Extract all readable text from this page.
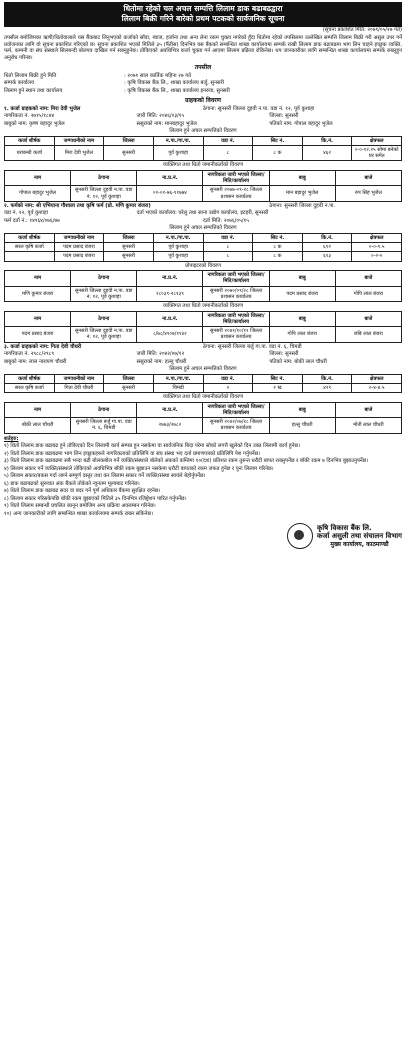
धितोमा रहेको चल अचल सम्पत्ति लिलाम डाक बढाबढद्वारा
लिलाम बिक्री गरिने बारेको प्रथम पटकको सार्वजनिक सूचना
(सूचना प्रकाशित मिति: २०७१/०५/२७ गते)
तपसील बमोजिमका ऋणी/धितोवालाले यस बैंकबाट लिनुभएको कर्जाको साँवा, ब्याज, हर्जाना तथा अन्य लेना रकम चुक्ता नगरेको हुँदा धितोमा रहेको तपसिलमा उल्लेखित सम्पत्ति लिलाम बिक्री गरी असुल उपर गर्ने प्रयोजनका लागि यो सूचना प्रकाशित गरिएको छ। सूचना प्रकाशित भएको मितिले ३५ (पैंतीस) दिनभित्र यस बैंकको सम्बन्धित शाखा कार्यालयमा सम्पर्क राखी लिलाम डाक बढाबढमा भाग लिन चाहने इच्छुक व्यक्ति, फर्म, कम्पनी वा संघ संस्थाले सिलबन्दी बोलपत्र दाखिल गर्न सक्नुहुनेछ। तोकिएको अवधिभित्र कर्जा चुक्ता गर्न आएमा लिलाम प्रक्रिया रोकिनेछ। थप जानकारीका लागि सम्बन्धित शाखा कार्यालयमा सम्पर्क राख्नुहुन अनुरोध गरिन्छ।
तपसील
धितो लिलाम बिक्री हुने मिति	: २०७१ साल कार्तिक महिना २७ गते
सम्पर्क कार्यालय	: कृषि विकास बैंक लि., शाखा कार्यालय बर्जु, सुनसरी
लिलाम हुने स्थान तथा कार्यालय	: कृषि विकास बैंक लि., शाखा कार्यालय इनरुवा, सुनसरी
ग्राहकको विवरण
१. कर्जा ग्राहकको नाम: मिरा देवी भुजेल	ठेगाना: सुनसरी जिल्ला दुहवी न.पा. वडा नं. १२, पूर्व कुशाहा
नागरिकता नं. २७१५/१८४४	जारी मिति: २०४६/०३/१५	जिल्ला: सुनसरी
बाबुको नाम: कृष्ण बहादुर भुजेल	ससुराको नाम: मानबहादुर भुजेल	पतिको नाम: गोपाल बहादुर भुजेल
लिलाम हुने अचल सम्पत्तिको विवरण
कर्जा शीर्षक	जग्गाधनीको नाम	जिल्ला	न.पा./गा.पा.	वडा नं.	सिट नं.	कि.नं.	क्षेत्रफल
धराबन्धी कर्जा	मिरा देवी भुजेल	सुनसरी	पूर्व कुशाहा	८	८ क	४६२	०-०-१२.२५ सोमा बनेको घर समेत
व्यक्तिगत तथा धितो जमानीकर्ताको विवरण
नाम	ठेगाना	ना.प्र.नं.	नागरिकता जारी भएको जिल्ला/मिति/कार्यालय	बाबु	बाजे
गोपाल बहादुर भुजेल	सुनसरी जिल्ला दुहवी न.पा. वडा नं. १२, पूर्व कुशाहा	०१-०१-७६-११७७४	सुनसरी २०७७-०९-२८ जिल्ला प्रशासन कार्यालय	मान बहादुर भुजेल	रुप सिंह भुजेल
२. फर्मको नाम: श्री एभियाना गौशाला तथा कृषि फर्म (प्रो. मणि कुमार बंजरा)	ठेगाना: सुनसरी जिल्ला दुहवी न.पा.
वडा नं. १२, पूर्व कुशाहा	दर्ता भएको कार्यालय: घरेलु तथा साना उद्योग कार्यालय, इटहरी, सुनसरी
फर्म दर्ता नं.: १४९६४/०७६/७७	दर्ता मिति: २०७६/०५/१५
लिलाम हुने अचल सम्पत्तिको विवरण
कर्जा शीर्षक	जग्गाधनीको नाम	जिल्ला	न.पा./गा.पा.	वडा नं.	सिट नं.	कि.नं.	क्षेत्रफल
सरल कृषि कर्जा	पदम प्रसाद बंजरा	सुनसरी	पूर्व कुशाहा	८	८ क	६१२	०-०-१.५
	पदम प्रसाद बंजरा	सुनसरी	पूर्व कुशाहा	८	८ क	६१३	०-२-०
प्रोपाइटरको विवरण
नाम	ठेगाना	ना.प्र.नं.	नागरिकता जारी भएको जिल्ला/मिति/कार्यालय	बाबु	बाजे
मणि कुमार बंजरा	सुनसरी जिल्ला दुहवी न.पा. वडा नं. १२, पूर्व कुशाहा	२८०३९-२८१३९	सुनसरी २०७०/०९/२८ जिल्ला प्रशासन कार्यालय	पदम प्रसाद बंजरा	गोपि लाल बंजरा
व्यक्तिगत तथा धितो जमानीकर्ताको विवरण
नाम	ठेगाना	ना.प्र.नं.	नागरिकता जारी भएको जिल्ला/मिति/कार्यालय	बाबु	बाजे
पदम प्रसाद बंजरा	सुनसरी जिल्ला दुहवी न.पा. वडा नं. १२, पूर्व कुशाहा	८/७८/४१०७/११४२	सुनसरी २०४१/१०/११ जिल्ला प्रशासन कार्यालय	गोपि लाल बंजरा	छबि लाल बंजरा
३. कर्जा ग्राहकको नाम: गिता देवी चौधरी	ठेगाना: सुनसरी जिल्ला बर्जु गा.पा. वडा नं. ६, चिमडी
नागरिकता नं. २९८८/२९८९	जारी मिति: २०४२/०७/१२	जिल्ला: सुनसरी
बाबुको नाम: लाल नारायण चौधरी	ससुराको नाम: हल्लु चौधरी	पतिको नाम: बोकी लाल चौधरी
लिलाम हुने अचल सम्पत्तिको विवरण
कर्जा शीर्षक	जग्गाधनीको नाम	जिल्ला	न.पा./गा.पा.	वडा नं.	सिट नं.	कि.नं.	क्षेत्रफल
सरल कृषि कर्जा	गिता देवी चौधरी	सुनसरी	चिमडी	२	२ ख	४२९	०-४-४.५
व्यक्तिगत तथा धितो जमानीकर्ताको विवरण
नाम	ठेगाना	ना.प्र.नं.	नागरिकता जारी भएको जिल्ला/मिति/कार्यालय	बाबु	बाजे
बोकी लाल चौधरी	सुनसरी जिल्ला बर्जु गा.पा. वडा नं. ६, चिमडी	२७७३/२७८२	सुनसरी २०४२/०७/१८ जिल्ला प्रशासन कार्यालय	हल्लु चौधरी	मोती लाल चौधरी
शर्तहरु:

१) धितो लिलाम डाक बढाबढ हुने तोकिएको दिन लिलामी कार्य सम्पन्न हुन नसकेमा वा सार्वजनिक बिदा परेमा सोको लगत्तै खुलेको दिन उक्त लिलामी कार्य हुनेछ।

२) धितो लिलाम डाक बढाबढमा भाग लिन इच्छुकहरुले नागरिकताको प्रतिलिपि वा संघ संस्था भए दर्ता प्रमाणपत्रको प्रतिलिपि पेश गर्नुपर्नेछ।

३) धितो लिलाम डाक बढाबढमा सबै भन्दा बढी बोलकबोल गर्ने व्यक्ति/संस्थाले बोलेको अंकको कम्तिमा १०(दश) प्रतिशत रकम तुरुन्त धरौटी बापत राख्नुपर्नेछ र बाँकी रकम ७ दिनभित्र बुझाउनुपर्नेछ।

४) लिलाम सकार गर्ने व्यक्ति/संस्थाले तोकिएको अवधिभित्र बाँकी रकम बुझाउन नसकेमा धरौटी बापतको रकम जफत हुनेछ र पुनः लिलाम गरिनेछ।

५) लिलाम सकार/बकस गर्दा लाग्ने सम्पूर्ण दस्तुर तथा कर लिलाम सकार गर्ने व्यक्ति/संस्था स्वयंले बेहोर्नुपर्नेछ।

६) डाक बढाबढको सुरुवात अंक बैंकले तोकेको न्यूनतम मूल्यबाट गरिनेछ।

७) धितो लिलाम डाक बढाबढ सदर वा बदर गर्ने पूर्ण अधिकार बैंकमा सुरक्षित रहनेछ।

८) लिलाम सकार गरिसकेपछि बाँकी रकम बुझाएको मितिले ३५ दिनभित्र रजिष्ट्रेशन पारित गर्नुपर्नेछ।

९) धितो लिलाम सम्बन्धी प्रचलित कानून बमोजिम अन्य प्रक्रिया अवलम्बन गरिनेछ।

१०) अन्य जानकारीको लागि सम्बन्धित शाखा कार्यालयमा सम्पर्क राख्न सकिनेछ।

कृषि विकास बैंक लि.
कर्जा असुली तथा संचालन विभाग
मुख्य कार्यालय, काठमाण्डौ
